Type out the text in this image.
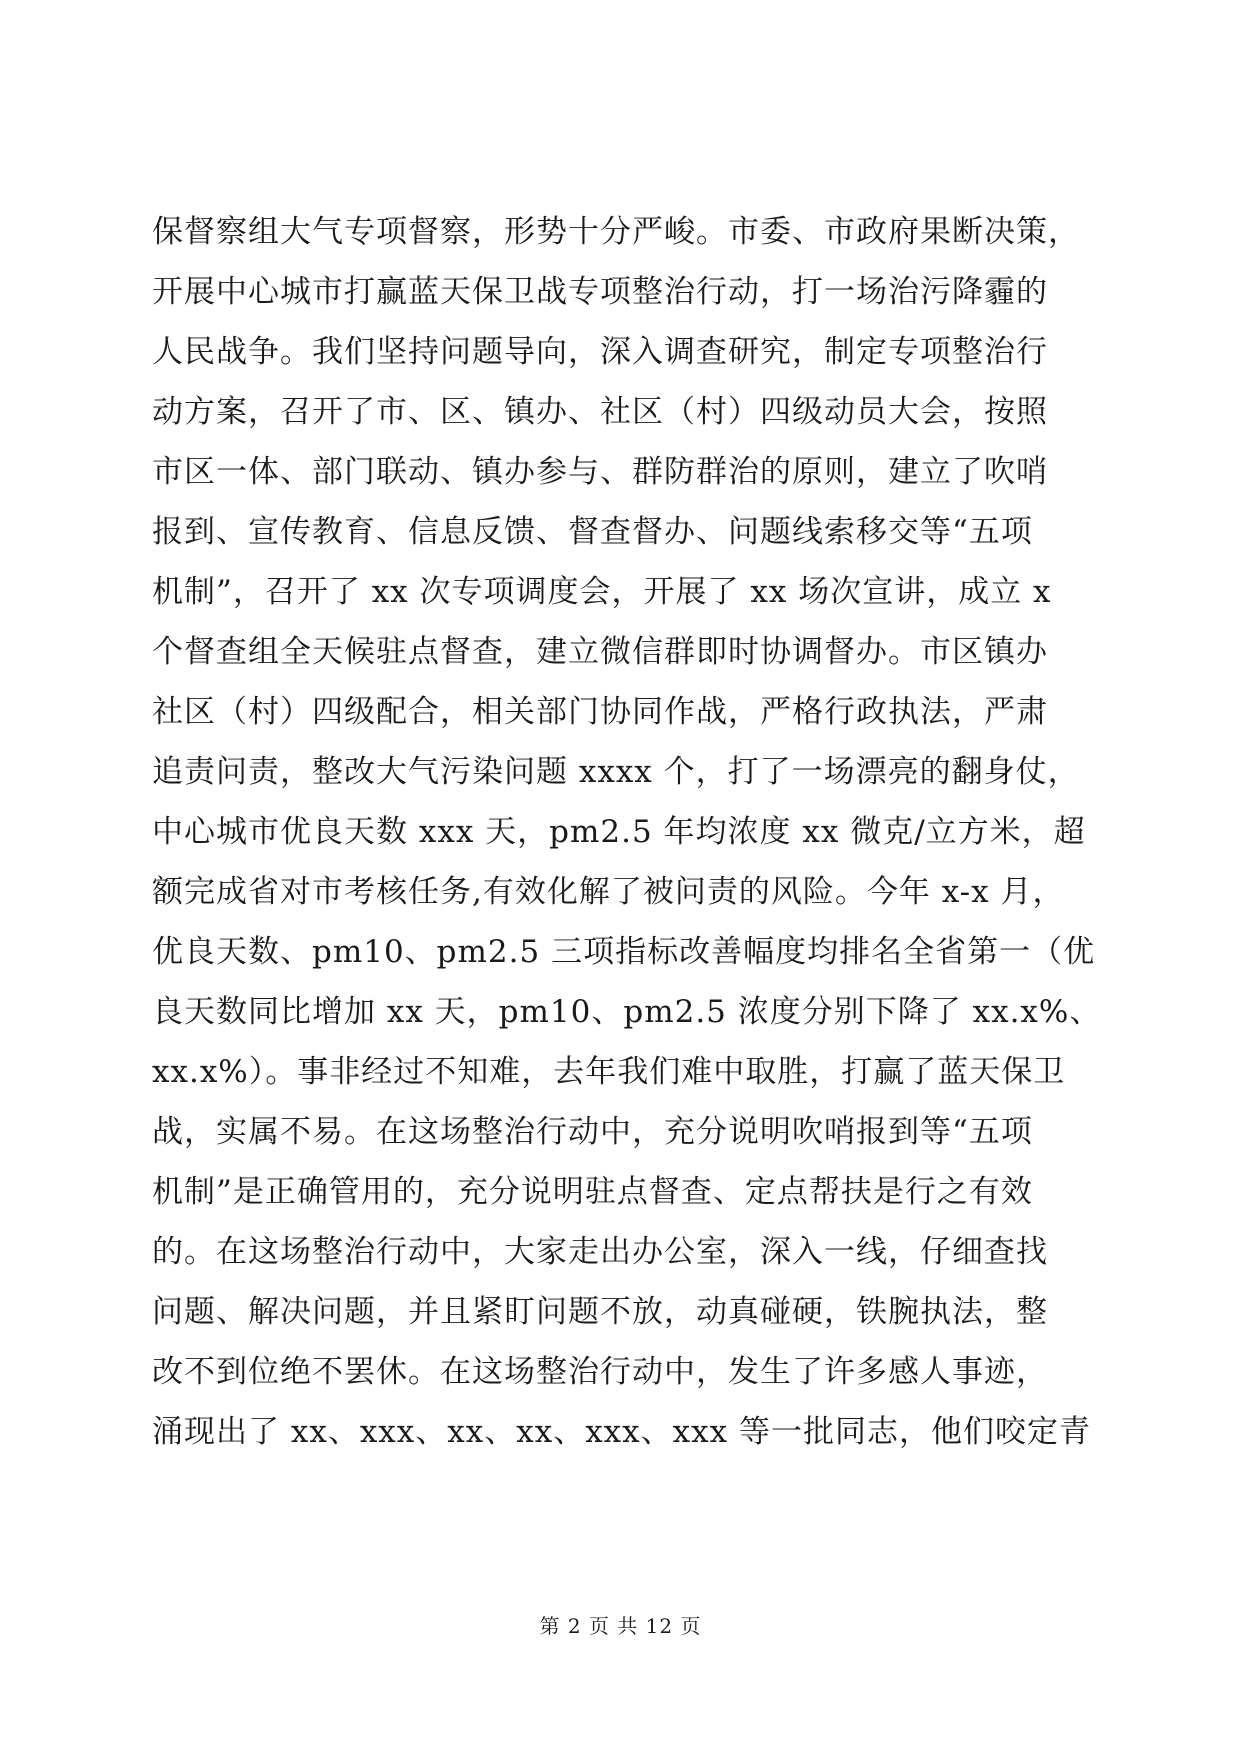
保督察组大气专项督察，形势十分严峻。市委、市政府果断决策，
开展中心城市打赢蓝天保卫战专项整治行动，打一场治污降霾的
人民战争。我们坚持问题导向，深入调查研究，制定专项整治行
动方案，召开了市、区、镇办、社区（村）四级动员大会，按照
市区一体、部门联动、镇办参与、群防群治的原则，建立了吹哨
报到、宣传教育、信息反馈、督查督办、问题线索移交等“五项
机制”，召开了 xx 次专项调度会，开展了 xx 场次宣讲，成立 x
个督查组全天候驻点督查，建立微信群即时协调督办。市区镇办
社区（村）四级配合，相关部门协同作战，严格行政执法，严肃
追责问责，整改大气污染问题 xxxx 个，打了一场漂亮的翻身仗，
中心城市优良天数 xxx 天，pm2.5 年均浓度 xx 微克/立方米，超
额完成省对市考核任务,有效化解了被问责的风险。今年 x-x 月，
优良天数、pm10、pm2.5 三项指标改善幅度均排名全省第一（优
良天数同比增加 xx 天，pm10、pm2.5 浓度分别下降了 xx.x%、
xx.x%）。事非经过不知难，去年我们难中取胜，打赢了蓝天保卫
战，实属不易。在这场整治行动中，充分说明吹哨报到等“五项
机制”是正确管用的，充分说明驻点督查、定点帮扶是行之有效
的。在这场整治行动中，大家走出办公室，深入一线，仔细查找
问题、解决问题，并且紧盯问题不放，动真碰硬，铁腕执法，整
改不到位绝不罢休。在这场整治行动中，发生了许多感人事迹，
涌现出了 xx、xxx、xx、xx、xxx、xxx 等一批同志，他们咬定青
第 2 页 共 12 页
